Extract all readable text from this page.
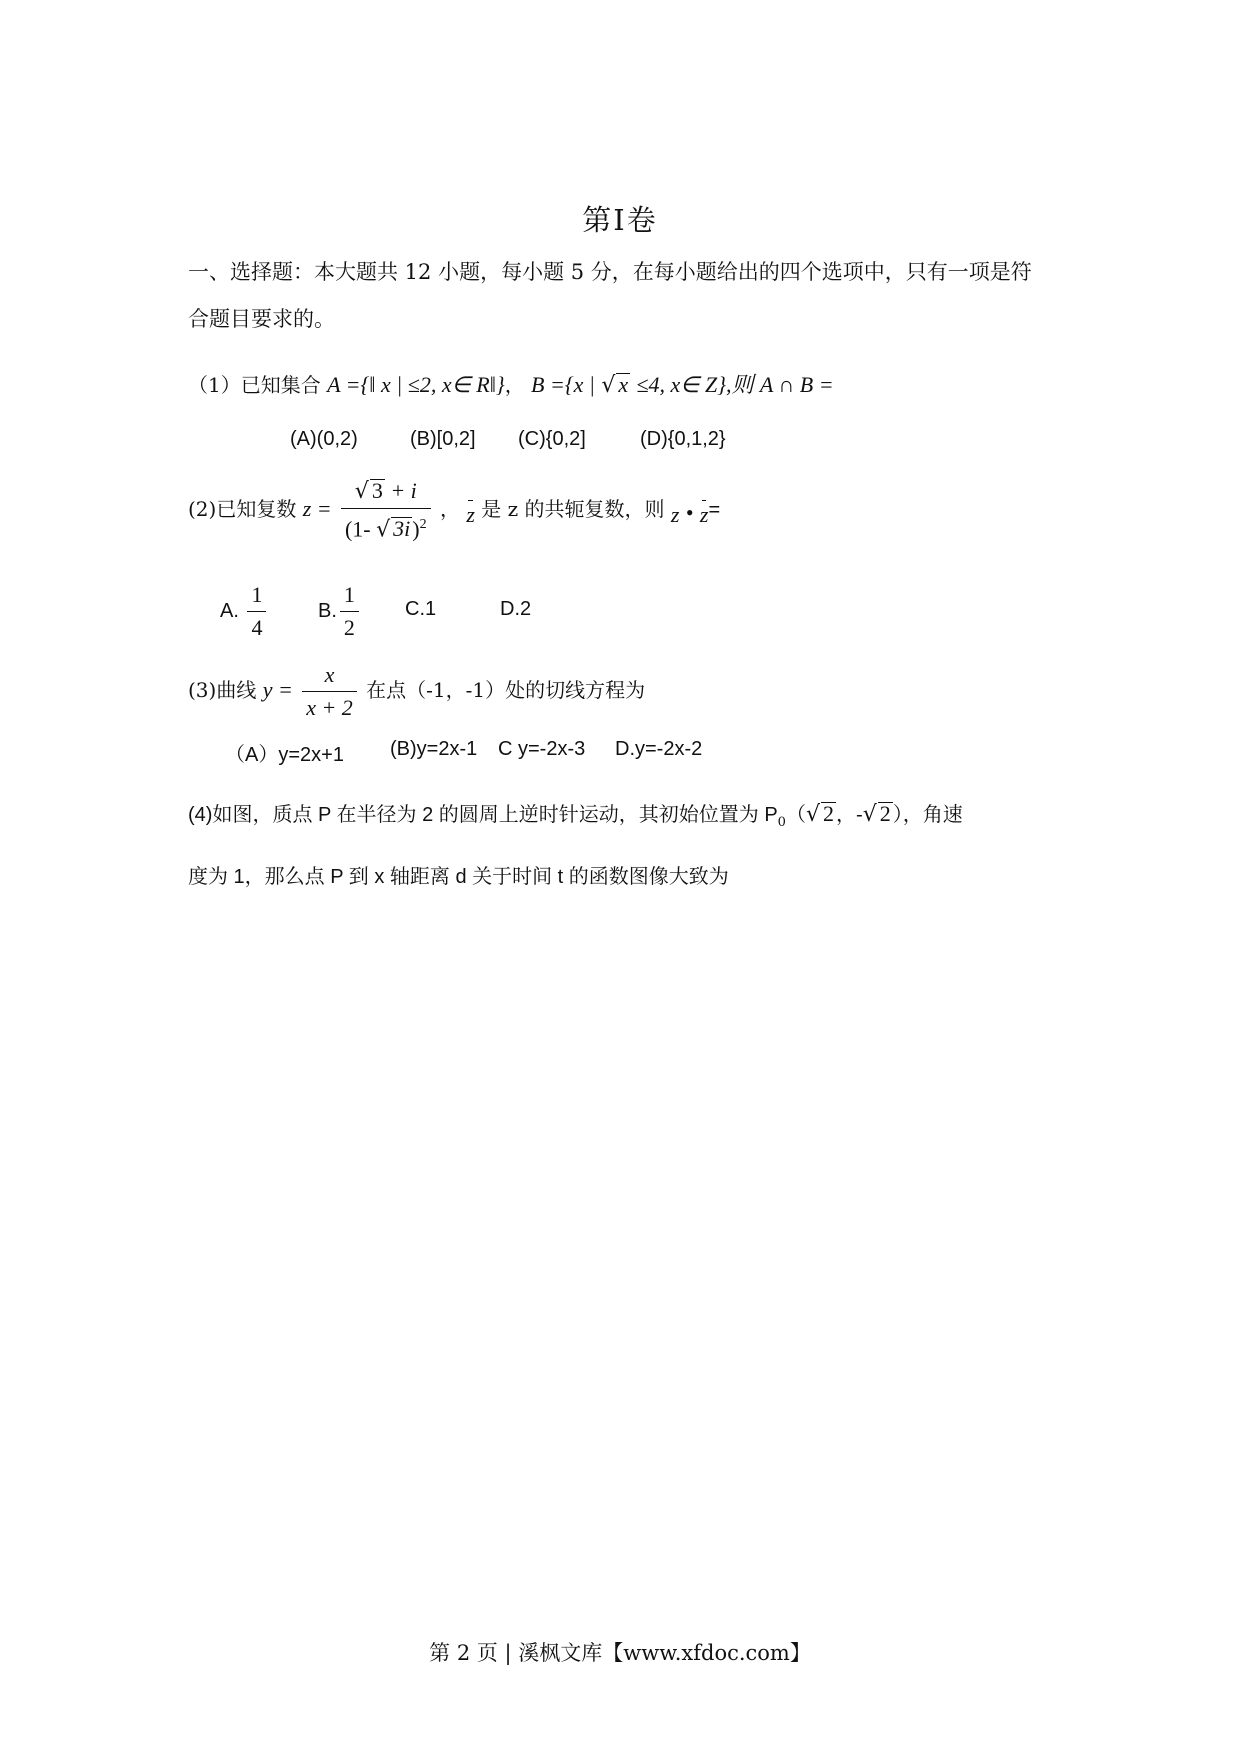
第Ⅰ卷
一、选择题：本大题共 12 小题，每小题 5 分，在每小题给出的四个选项中，只有一项是符
合题目要求的。
（1）已知集合 A ={‖ x | ≤2, x∈ R‖}， B ={x | √ x ≤4, x∈ Z},则 A ∩ B =
(A)(0,2)	(B)[0,2] (C){0,2]	(D){0,1,2}
(2)已知复数 $z = \frac{√ 3 + i}{(1- √ 3i)^2}$ ， z 是 z 的共轭复数，则 z • z=
A. $\frac{1}{4}$	B. $\frac{1}{2} C.1$	D.2
(3)曲线 $y = \frac{x}{x + 2}$ 在点（-1，-1）处的切线方程为
（A）y=2x+1 (B)y=2x-1 C y=-2x-3 D.y=-2x-2
(4)如图，质点 P 在半径为 2 的圆周上逆时针运动，其初始位置为 $P_0(√$ 2 ，-√ 2 ），角速
度为 1，那么点 P 到 x 轴距离 d 关于时间 t 的函数图像大致为
第 2 页 | 溪枫文库【www.xfdoc.com】
